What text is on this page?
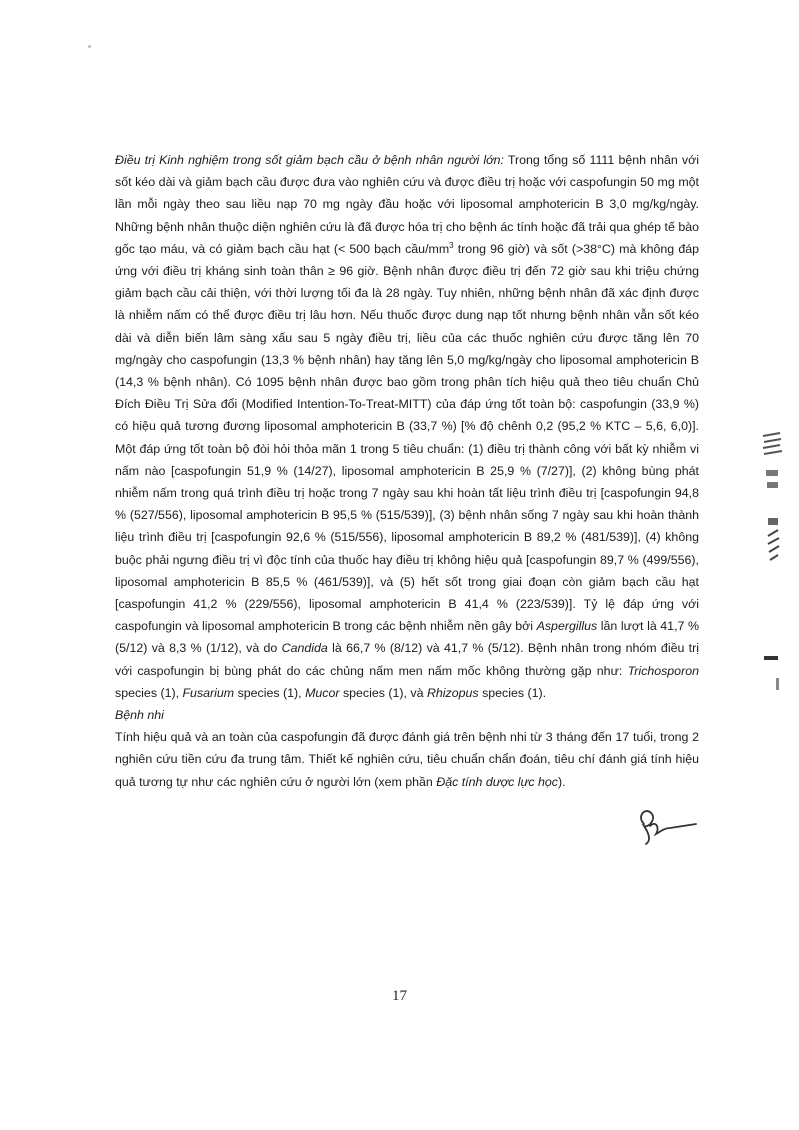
Điều trị Kinh nghiệm trong sốt giảm bạch cầu ở bệnh nhân người lớn: Trong tổng số 1111 bệnh nhân với sốt kéo dài và giảm bạch cầu được đưa vào nghiên cứu và được điều trị hoặc với caspofungin 50 mg một lần mỗi ngày theo sau liều nạp 70 mg ngày đầu hoặc với liposomal amphotericin B 3,0 mg/kg/ngày. Những bệnh nhân thuộc diện nghiên cứu là đã được hóa trị cho bệnh ác tính hoặc đã trải qua ghép tế bào gốc tạo máu, và có giảm bạch cầu hạt (< 500 bạch cầu/$mm^3$ trong 96 giờ) và sốt (>38°C) mà không đáp ứng với điều trị kháng sinh toàn thân ≥ 96 giờ. Bệnh nhân được điều trị đến 72 giờ sau khi triệu chứng giảm bạch cầu cải thiện, với thời lượng tối đa là 28 ngày. Tuy nhiên, những bệnh nhân đã xác định được là nhiễm nấm có thể được điều trị lâu hơn. Nếu thuốc được dung nạp tốt nhưng bệnh nhân vẫn sốt kéo dài và diễn biến lâm sàng xấu sau 5 ngày điều trị, liều của các thuốc nghiên cứu được tăng lên 70 mg/ngày cho caspofungin (13,3 % bệnh nhân) hay tăng lên 5,0 mg/kg/ngày cho liposomal amphotericin B (14,3 % bệnh nhân). Có 1095 bệnh nhân được bao gồm trong phân tích hiệu quả theo tiêu chuẩn Chủ Đích Điều Trị Sửa đổi (Modified Intention-To-Treat-MITT) của đáp ứng tốt toàn bộ: caspofungin (33,9 %) có hiệu quả tương đương liposomal amphotericin B (33,7 %) [% độ chênh 0,2 (95,2 % KTC – 5,6, 6,0)]. Một đáp ứng tốt toàn bộ đòi hỏi thỏa mãn 1 trong 5 tiêu chuẩn: (1) điều trị thành công với bất kỳ nhiễm vi nấm nào [caspofungin 51,9 % (14/27), liposomal amphotericin B 25,9 % (7/27)], (2) không bùng phát nhiễm nấm trong quá trình điều trị hoặc trong 7 ngày sau khi hoàn tất liệu trình điều trị [caspofungin 94,8 % (527/556), liposomal amphotericin B 95,5 % (515/539)], (3) bệnh nhân sống 7 ngày sau khi hoàn thành liệu trình điều trị [caspofungin 92,6 % (515/556), liposomal amphotericin B 89,2 % (481/539)], (4) không buộc phải ngưng điều trị vì độc tính của thuốc hay điều trị không hiệu quả [caspofungin 89,7 % (499/556), liposomal amphotericin B 85,5 % (461/539)], và (5) hết sốt trong giai đoạn còn giảm bạch cầu hạt [caspofungin 41,2 % (229/556), liposomal amphotericin B 41,4 % (223/539)]. Tỷ lệ đáp ứng với caspofungin và liposomal amphotericin B trong các bệnh nhiễm nền gây bởi Aspergillus lần lượt là 41,7 % (5/12) và 8,3 % (1/12), và do Candida là 66,7 % (8/12) và 41,7 % (5/12). Bệnh nhân trong nhóm điều trị với caspofungin bị bùng phát do các chủng nấm men nấm mốc không thường gặp như: Trichosporon species (1), Fusarium species (1), Mucor species (1), và Rhizopus species (1).

Bệnh nhi

Tính hiệu quả và an toàn của caspofungin đã được đánh giá trên bệnh nhi từ 3 tháng đến 17 tuổi, trong 2 nghiên cứu tiền cứu đa trung tâm. Thiết kế nghiên cứu, tiêu chuẩn chẩn đoán, tiêu chí đánh giá tính hiệu quả tương tự như các nghiên cứu ở người lớn (xem phần Đặc tính dược lực học).

17
